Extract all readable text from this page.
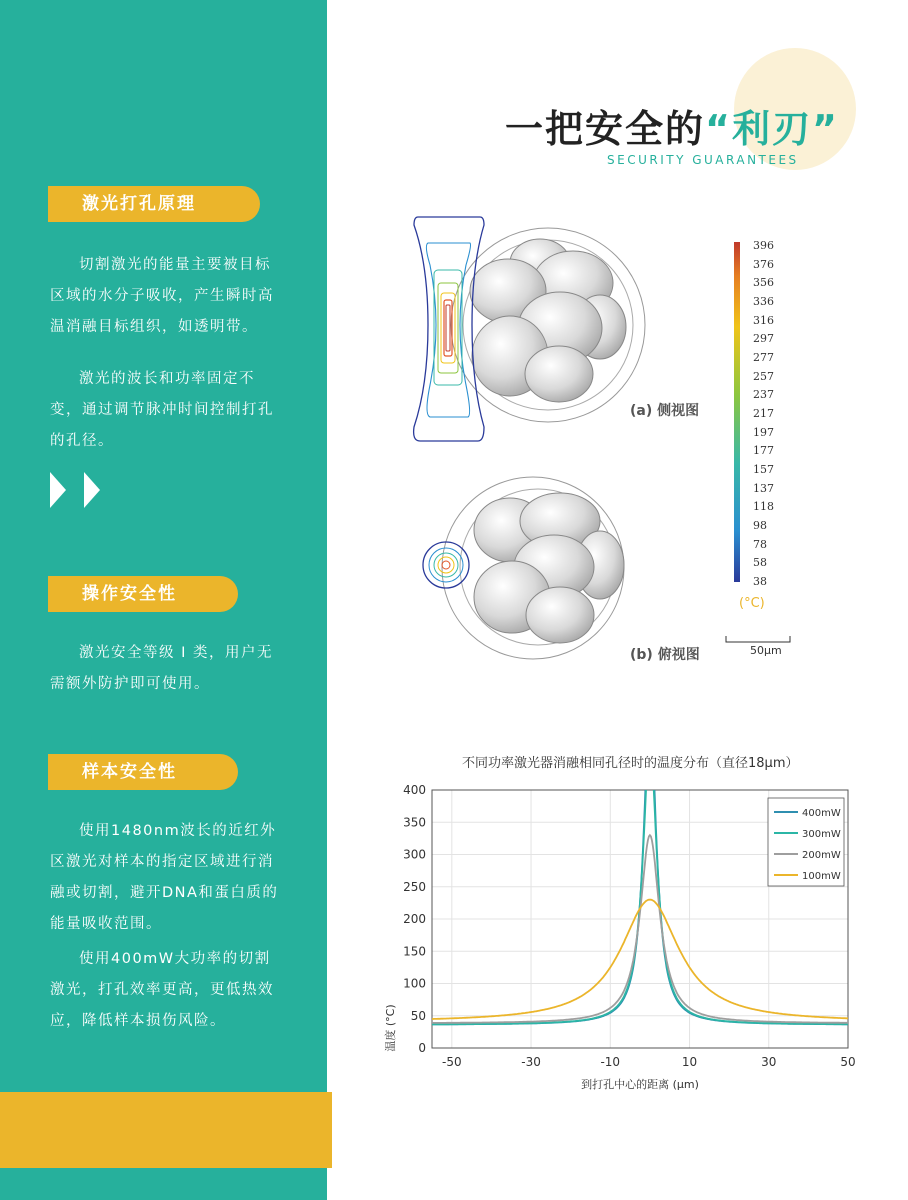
激光打孔原理

切割激光的能量主要被目标区域的水分子吸收，产生瞬时高温消融目标组织，如透明带。

激光的波长和功率固定不变，通过调节脉冲时间控制打孔的孔径。

操作安全性

激光安全等级 I 类，用户无需额外防护即可使用。

样本安全性

使用1480nm波长的近红外区激光对样本的指定区域进行消融或切割，避开DNA和蛋白质的能量吸收范围。

使用400mW大功率的切割激光，打孔效率更高，更低热效应，降低样本损伤风险。

一把安全的“利刃”
SECURITY GUARANTEES
(a) 侧视图
(b) 俯视图
396
376
356
336
316
297
277
257
237
217
197
177
157
137
118
98
78
58
38
(°C)
50μm
不同功率激光器消融相同孔径时的温度分布（直径18μm）
0
50
100
150
200
250
300
350
400
-50	-30	-10	10	30	50
400mW
300mW
200mW
100mW
到打孔中心的距离 (μm)
温度 (°C)
